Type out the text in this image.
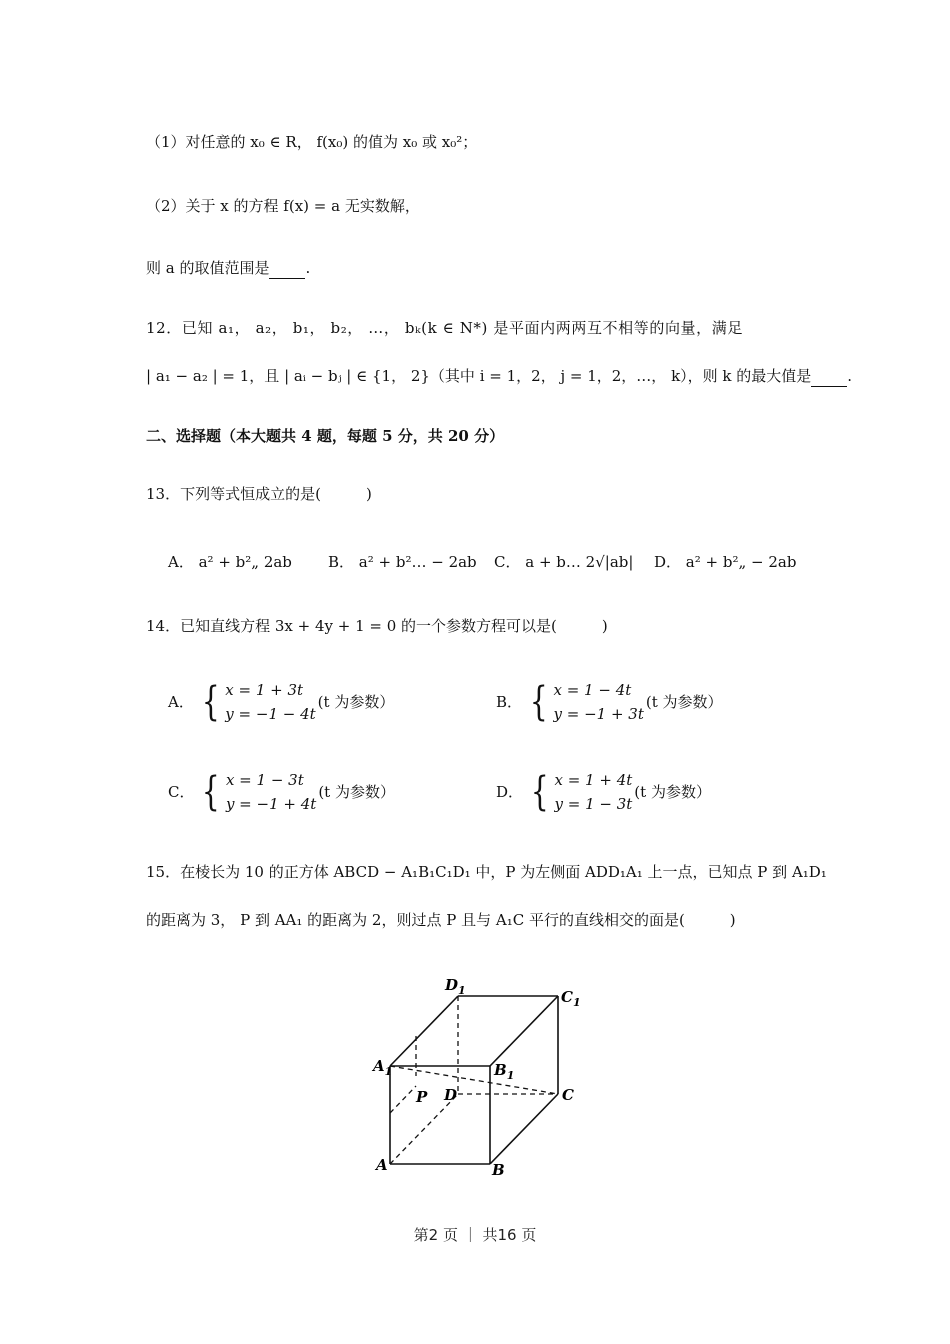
（1）对任意的 x₀ ∈ R， f(x₀) 的值为 x₀ 或 x₀²；
（2）关于 x 的方程 f(x) = a 无实数解，
则 a 的取值范围是 .
12．已知 a₁， a₂， b₁， b₂， …， bₖ(k ∈ N*) 是平面内两两互不相等的向量，满足
| a₁ − a₂ | = 1，且 | aᵢ − bⱼ | ∈ {1， 2}（其中 i = 1，2， j = 1，2，…， k），则 k 的最大值是 .
二、选择题（本大题共 4 题，每题 5 分，共 20 分）
13．下列等式恒成立的是(　　　)
A． a² + b²„ 2ab B． a² + b²… − 2ab C． a + b… 2√|ab| D． a² + b²„ − 2ab
14．已知直线方程 3x + 4y + 1 = 0 的一个参数方程可以是(　　　)
A． { x = 1 + 3t
y = −1 − 4t
(t 为参数）	B． { x = 1 − 4t
y = −1 + 3t
(t 为参数）
C． { x = 1 − 3t
y = −1 + 4t
(t 为参数）	D． { x = 1 + 4t
y = 1 − 3t
(t 为参数）
15．在棱长为 10 的正方体 ABCD − A₁B₁C₁D₁ 中，P 为左侧面 ADD₁A₁ 上一点，已知点 P 到 A₁D₁
的距离为 3， P 到 AA₁ 的距离为 2，则过点 P 且与 A₁C 平行的直线相交的面是(　　　)
$A_1$	$B_1$
$C_1$
$D_1$
A	B
C
D
P
第2 页 ｜ 共16 页
